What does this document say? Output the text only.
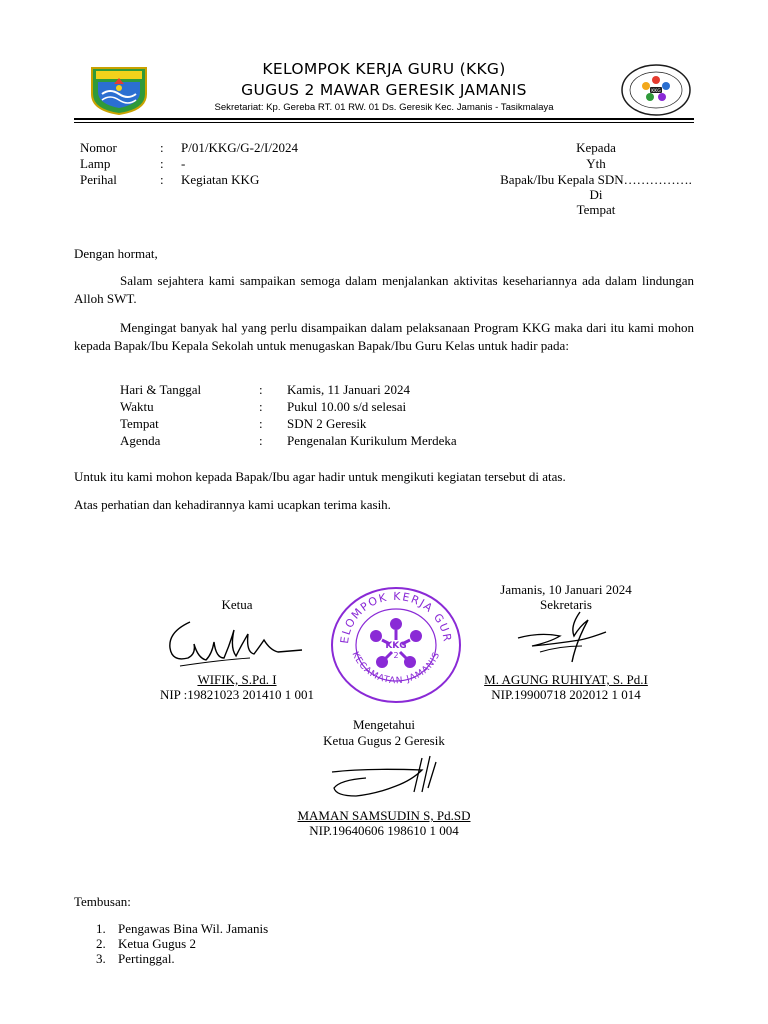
KKG
KELOMPOK KERJA GURU (KKG)
GUGUS 2 MAWAR GERESIK JAMANIS
Sekretariat: Kp. Gereba RT. 01 RW. 01 Ds. Geresik Kec. Jamanis - Tasikmalaya
Nomor	: P/01/KKG/G-2/I/2024
Lamp	: -
Perihal	: Kegiatan KKG
Kepada
Yth
Bapak/Ibu Kepala SDN…………….
Di
Tempat
Dengan hormat,
Salam sejahtera kami sampaikan semoga dalam menjalankan aktivitas kesehariannya ada dalam lindungan Alloh SWT.
Mengingat banyak hal yang perlu disampaikan dalam pelaksanaan Program KKG maka dari itu kami mohon kepada Bapak/Ibu Kepala Sekolah untuk menugaskan Bapak/Ibu Guru Kelas untuk hadir pada:
Hari & Tanggal	: Kamis, 11 Januari 2024
Waktu	: Pukul 10.00 s/d selesai
Tempat	: SDN 2 Geresik
Agenda	: Pengenalan Kurikulum Merdeka
Untuk itu kami mohon kepada Bapak/Ibu agar hadir untuk mengikuti kegiatan tersebut di atas.
Atas perhatian dan kehadirannya kami ucapkan terima kasih.
Jamanis, 10 Januari 2024
Sekretaris
Ketua
ELOMPOK KERJA GUR
KECAMATAN JAMANIS
KKG
2
WIFIK, S.Pd. I
NIP :19821023 201410 1 001
M. AGUNG RUHIYAT, S. Pd.I
NIP.19900718 202012 1 014
Mengetahui
Ketua Gugus 2 Geresik
MAMAN SAMSUDIN S, Pd.SD
NIP.19640606 198610 1 004
Tembusan:
1. Pengawas Bina Wil. Jamanis
2. Ketua Gugus 2
3. Pertinggal.
